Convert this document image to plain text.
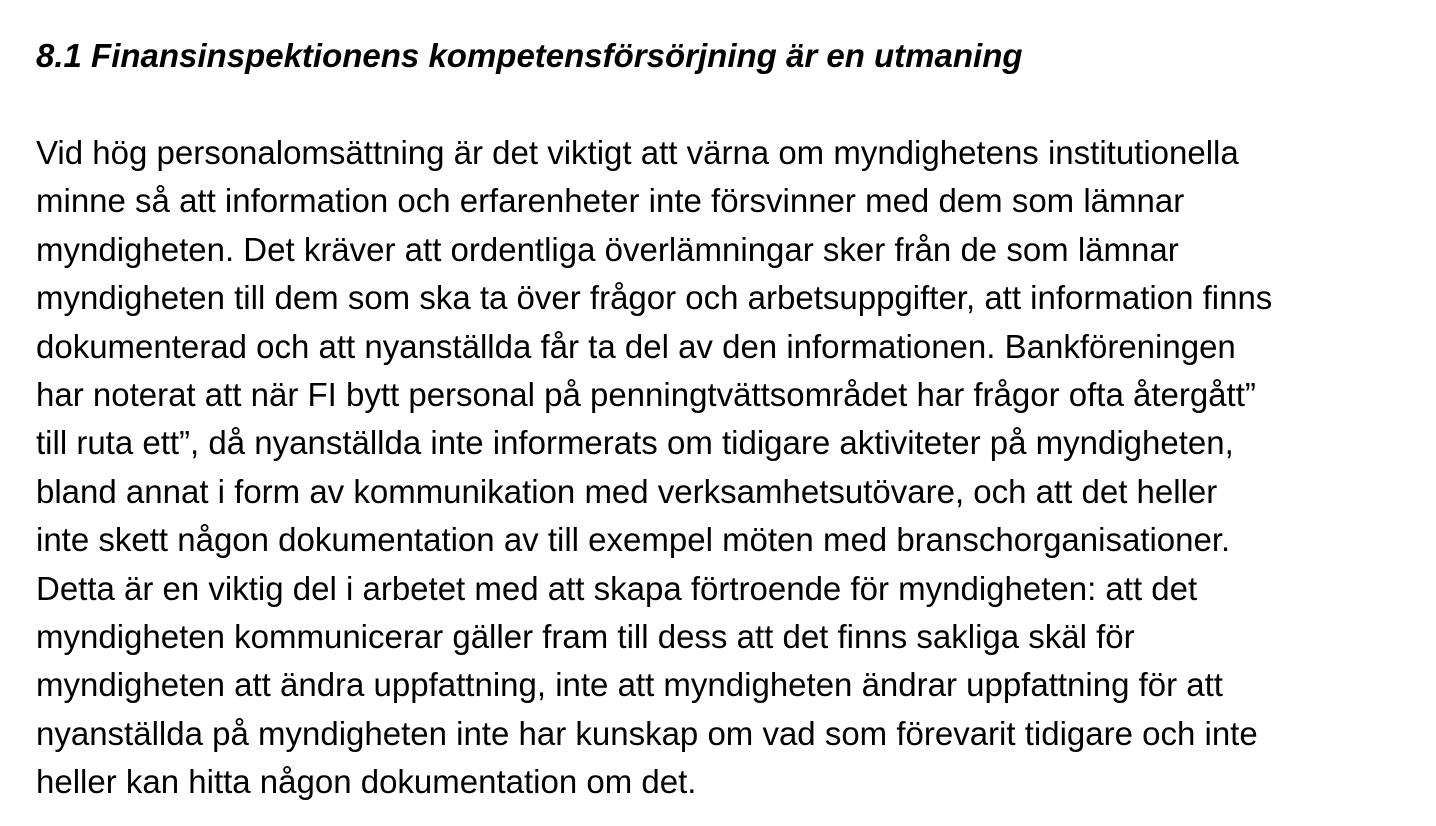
8.1 Finansinspektionens kompetensförsörjning är en utmaning

Vid hög personalomsättning är det viktigt att värna om myndighetens institutionella
minne så att information och erfarenheter inte försvinner med dem som lämnar
myndigheten. Det kräver att ordentliga överlämningar sker från de som lämnar
myndigheten till dem som ska ta över frågor och arbetsuppgifter, att information finns
dokumenterad och att nyanställda får ta del av den informationen. Bankföreningen
har noterat att när FI bytt personal på penningtvättsområdet har frågor ofta återgått”
till ruta ett”, då nyanställda inte informerats om tidigare aktiviteter på myndigheten,
bland annat i form av kommunikation med verksamhetsutövare, och att det heller
inte skett någon dokumentation av till exempel möten med branschorganisationer.
Detta är en viktig del i arbetet med att skapa förtroende för myndigheten: att det
myndigheten kommunicerar gäller fram till dess att det finns sakliga skäl för
myndigheten att ändra uppfattning, inte att myndigheten ändrar uppfattning för att
nyanställda på myndigheten inte har kunskap om vad som förevarit tidigare och inte
heller kan hitta någon dokumentation om det.
